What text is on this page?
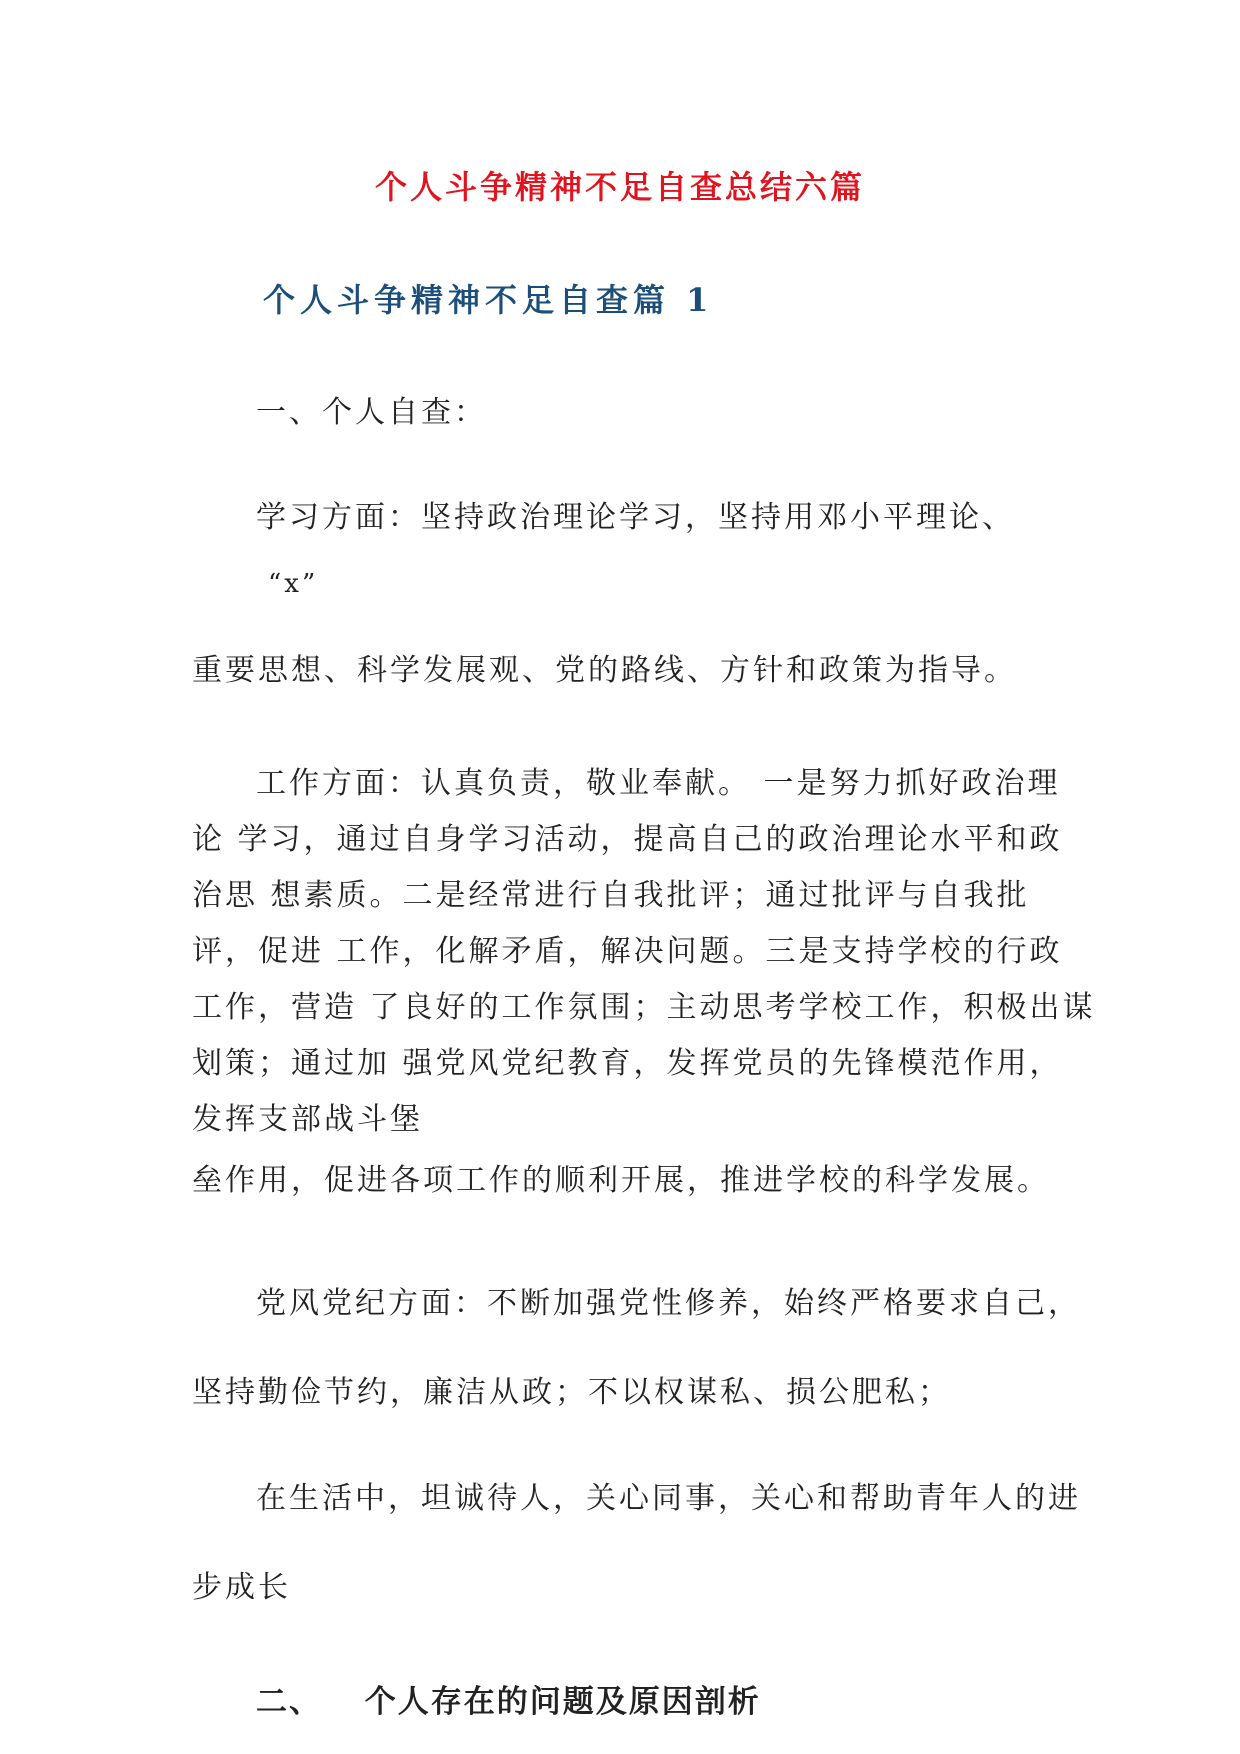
个人斗争精神不足自查总结六篇
个人斗争精神不足自查篇 1
一、个人自查：
学习方面：坚持政治理论学习，坚持用邓小平理论、
“x”
重要思想、科学发展观、党的路线、方针和政策为指导。
工作方面：认真负责，敬业奉献。 一是努力抓好政治理
论 学习，通过自身学习活动，提高自己的政治理论水平和政
治思 想素质。二是经常进行自我批评；通过批评与自我批
评，促进 工作，化解矛盾，解决问题。三是支持学校的行政
工作，营造 了良好的工作氛围；主动思考学校工作，积极出谋
划策；通过加 强党风党纪教育，发挥党员的先锋模范作用，
发挥支部战斗堡
垒作用，促进各项工作的顺利开展，推进学校的科学发展。
党风党纪方面：不断加强党性修养，始终严格要求自己，
坚持勤俭节约，廉洁从政；不以权谋私、损公肥私；
在生活中，坦诚待人，关心同事，关心和帮助青年人的进
步成长
二、 个人存在的问题及原因剖析
